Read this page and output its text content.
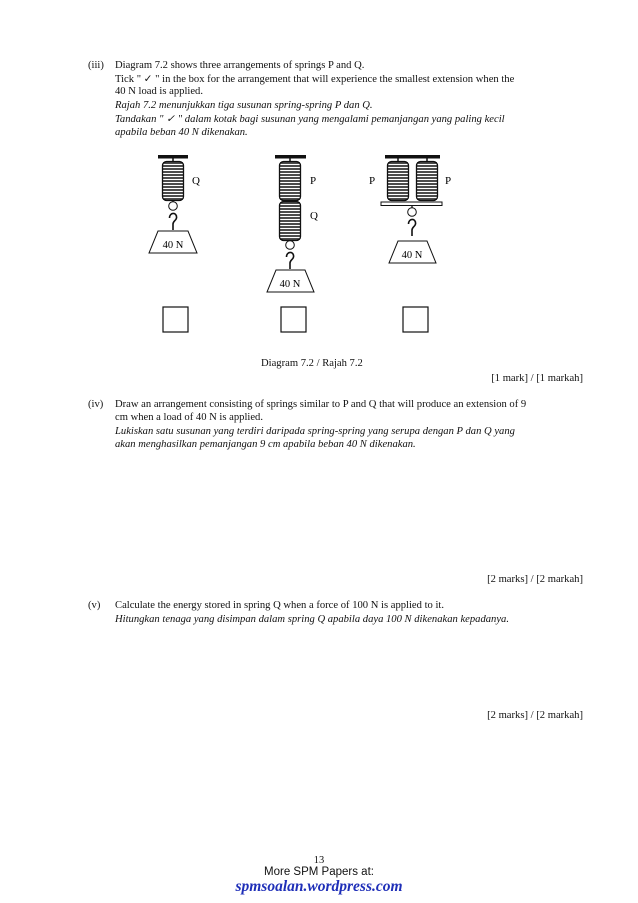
(iii) Diagram 7.2 shows three arrangements of springs P and Q.
Tick " ✓ " in the box for the arrangement that will experience the smallest extension when the
40 N load is applied.
Rajah 7.2 menunjukkan tiga susunan spring-spring P dan Q.
Tandakan " ✓ " dalam kotak bagi susunan yang mengalami pemanjangan yang paling kecil
apabila beban 40 N dikenakan.
Q	P
Q
P	P
40 N
40 N
40 N
Diagram 7.2 / Rajah 7.2
[1 mark] / [1 markah]
(iv) Draw an arrangement consisting of springs similar to P and Q that will produce an extension of 9
cm when a load of 40 N is applied.
Lukiskan satu susunan yang terdiri daripada spring-spring yang serupa dengan P dan Q yang
akan menghasilkan pemanjangan 9 cm apabila beban 40 N dikenakan.
[2 marks] / [2 markah]
(v) Calculate the energy stored in spring Q when a force of 100 N is applied to it.
Hitungkan tenaga yang disimpan dalam spring Q apabila daya 100 N dikenakan kepadanya.
[2 marks] / [2 markah]
13
More SPM Papers at:
spmsoalan.wordpress.com
